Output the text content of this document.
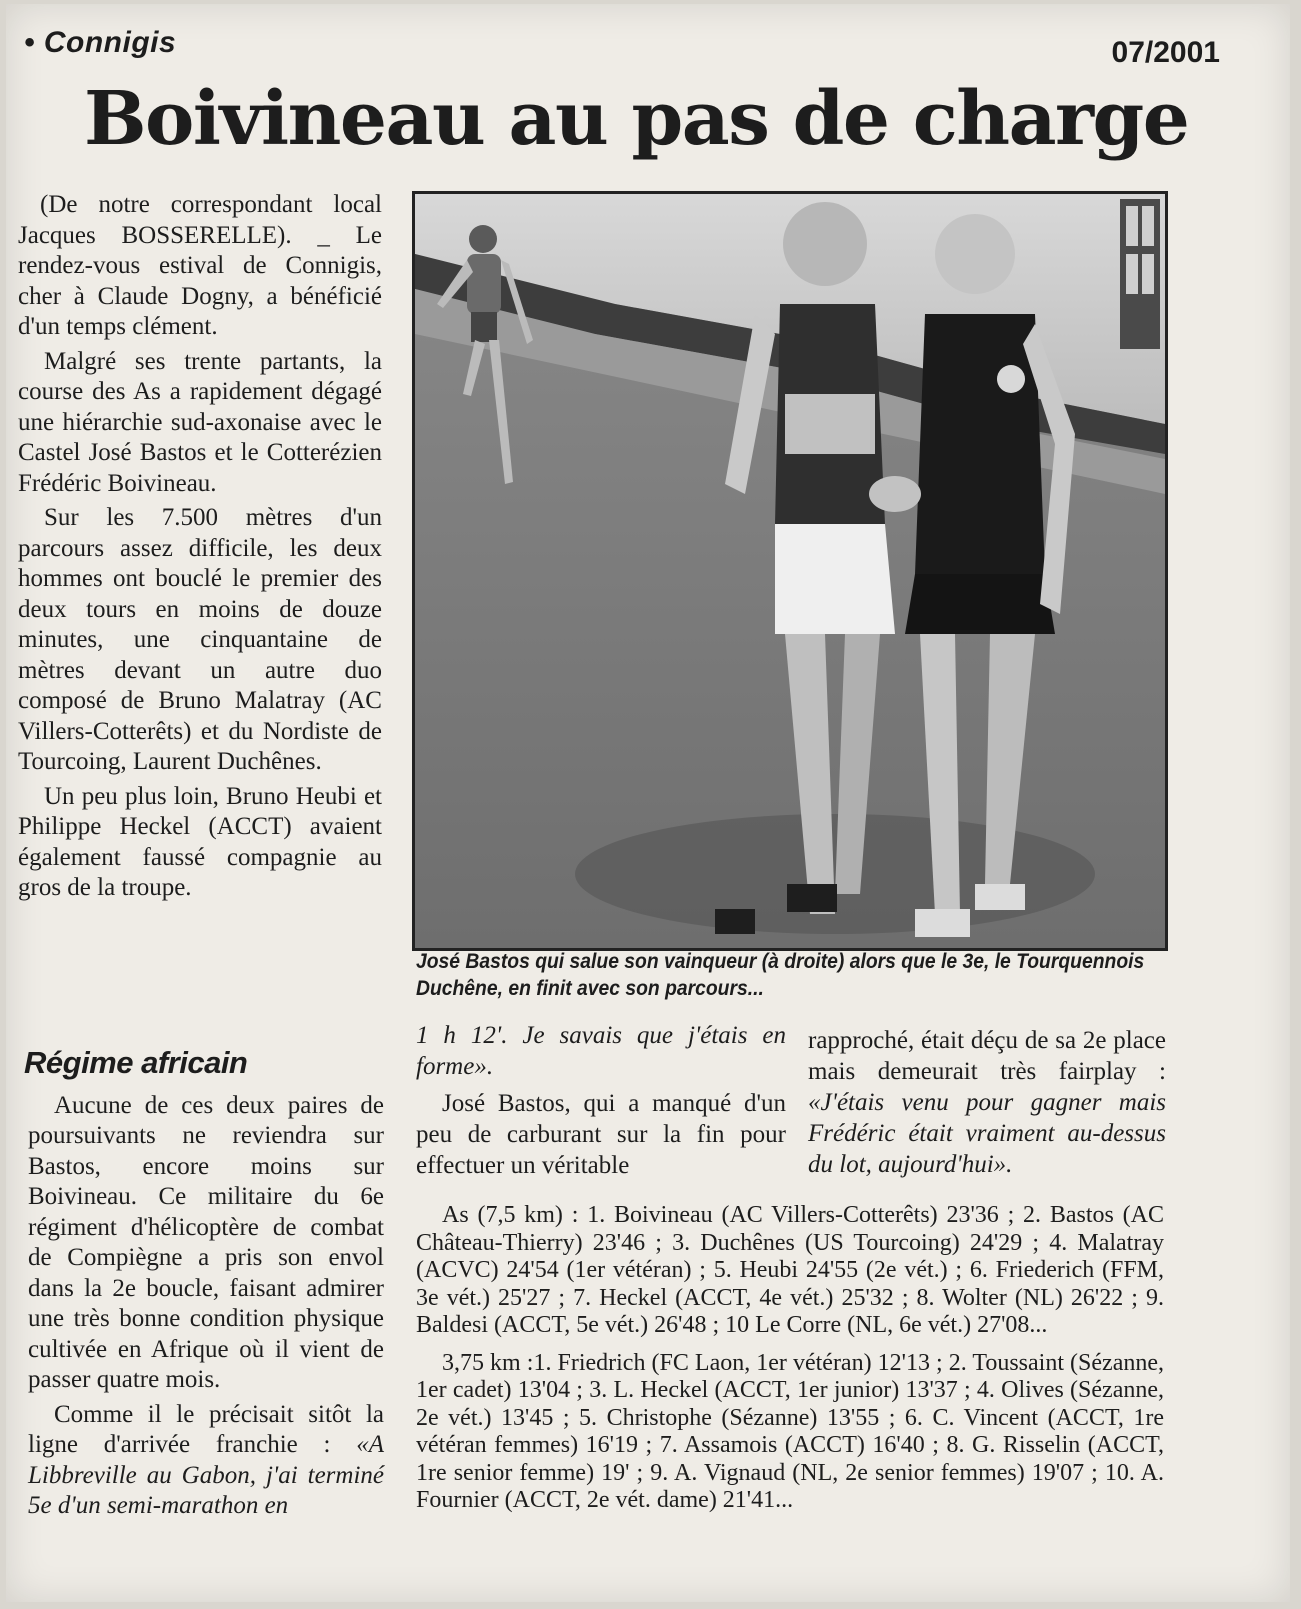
• Connigis	07/2001
Boivineau au pas de charge

(De notre correspondant local Jacques BOSSERELLE). _ Le rendez-vous estival de Connigis, cher à Claude Dogny, a bénéficié d'un temps clément.

Malgré ses trente partants, la course des As a rapidement dégagé une hiérarchie sud-axonaise avec le Castel José Bastos et le Cotterézien Frédéric Boivineau.

Sur les 7.500 mètres d'un parcours assez difficile, les deux hommes ont bouclé le premier des deux tours en moins de douze minutes, une cinquantaine de mètres devant un autre duo composé de Bruno Malatray (AC Villers-Cotterêts) et du Nordiste de Tourcoing, Laurent Duchênes.

Un peu plus loin, Bruno Heubi et Philippe Heckel (ACCT) avaient également faussé compagnie au gros de la troupe.

Régime africain

Aucune de ces deux paires de poursuivants ne reviendra sur Bastos, encore moins sur Boivineau. Ce militaire du 6e régiment d'hélicoptère de combat de Compiègne a pris son envol dans la 2e boucle, faisant admirer une très bonne condition physique cultivée en Afrique où il vient de passer quatre mois.

Comme il le précisait sitôt la ligne d'arrivée franchie : «A Libbreville au Gabon, j'ai terminé 5e d'un semi-marathon en

José Bastos qui salue son vainqueur (à droite) alors que le 3e, le Tourquennois Duchêne, en finit avec son parcours...

1 h 12'. Je savais que j'étais en forme».

José Bastos, qui a manqué d'un peu de carburant sur la fin pour effectuer un véritable

rapproché, était déçu de sa 2e place mais demeurait très fairplay : «J'étais venu pour gagner mais Frédéric était vraiment au-dessus du lot, aujourd'hui».

As (7,5 km) : 1. Boivineau (AC Villers-Cotterêts) 23'36 ; 2. Bastos (AC Château-Thierry) 23'46 ; 3. Duchênes (US Tourcoing) 24'29 ; 4. Malatray (ACVC) 24'54 (1er vétéran) ; 5. Heubi 24'55 (2e vét.) ; 6. Friederich (FFM, 3e vét.) 25'27 ; 7. Heckel (ACCT, 4e vét.) 25'32 ; 8. Wolter (NL) 26'22 ; 9. Baldesi (ACCT, 5e vét.) 26'48 ; 10 Le Corre (NL, 6e vét.) 27'08...

3,75 km :1. Friedrich (FC Laon, 1er vétéran) 12'13 ; 2. Toussaint (Sézanne, 1er cadet) 13'04 ; 3. L. Heckel (ACCT, 1er junior) 13'37 ; 4. Olives (Sézanne, 2e vét.) 13'45 ; 5. Christophe (Sézanne) 13'55 ; 6. C. Vincent (ACCT, 1re vétéran femmes) 16'19 ; 7. Assamois (ACCT) 16'40 ; 8. G. Risselin (ACCT, 1re senior femme) 19' ; 9. A. Vignaud (NL, 2e senior femmes) 19'07 ; 10. A. Fournier (ACCT, 2e vét. dame) 21'41...
